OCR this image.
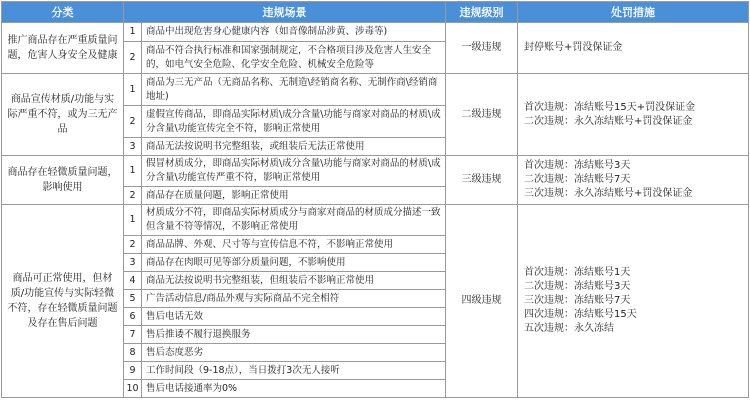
分类	违规场景		违规级别	处罚措施
推广商品存在严重质量问题，危害人身安全及健康	1	商品中出现危害身心健康内容（如音像制品涉黄、涉毒等)	一级违规	封停账号+罚没保证金

	2	商品不符合执行标准和国家强制规定，不合格项目涉及危害人生安全的，如电气安全危险、化学安全危险、机械安全危险等		
商品宣传材质/功能与实际严重不符，或为三无产品	1	商品为三无产品（无商品名称、无制造\经销商名称、无制作商\经销商地址)	二级违规	首次违规：冻结账号15天+罚没保证金
二次违规：永久冻结账号+罚没保证金

	2	虚假宣传商品，即商品实际材质\成分含量\功能与商家对商品的材质\成分含量\功能宣传完全不符，影响正常使用		
	3	商品无法按说明书完整组装，或组装后无法正常使用		
商品存在轻微质量问题，影响使用	1	假冒材质成分，即商品实际材质\成分含量\功能与商家对商品的材质\成分含量\功能宣传严重不符，影响正常使用	三级违规	首次违规：冻结账号3天
二次违规：冻结账号7天
三次违规：永久冻结账号+罚没保证金

	2	商品存在质量问题，影响正常使用		
商品可正常使用，但材质/功能宣传与实际轻微不符，存在轻微质量问题及存在售后问题	1	材质成分不符，即商品实际材质成分与商家对商品的材质成分描述一致但含量不符等情况，不影响正常使用	四级违规	首次违规：冻结账号1天
二次违规：冻结账号3天
三次违规：冻结账号7天
四次违规：冻结账号15天
五次违规：永久冻结

	2	商品品牌、外观、尺寸等与宣传信息不符，不影响正常使用		
	3	商品存在肉眼可见等部分质量问题，不影响使用		
	4	商品无法按说明书完整组装，但组装后不影响正常使用		
	5	广告活动信息/商品外观与实际商品不完全相符		
	6	售后电话无效		
	7	售后推诿不履行退换服务		
	8	售后态度恶劣		
	9	工作时间段（9-18点），当日拨打3次无人接听		
	10	售后电话接通率为0%		
